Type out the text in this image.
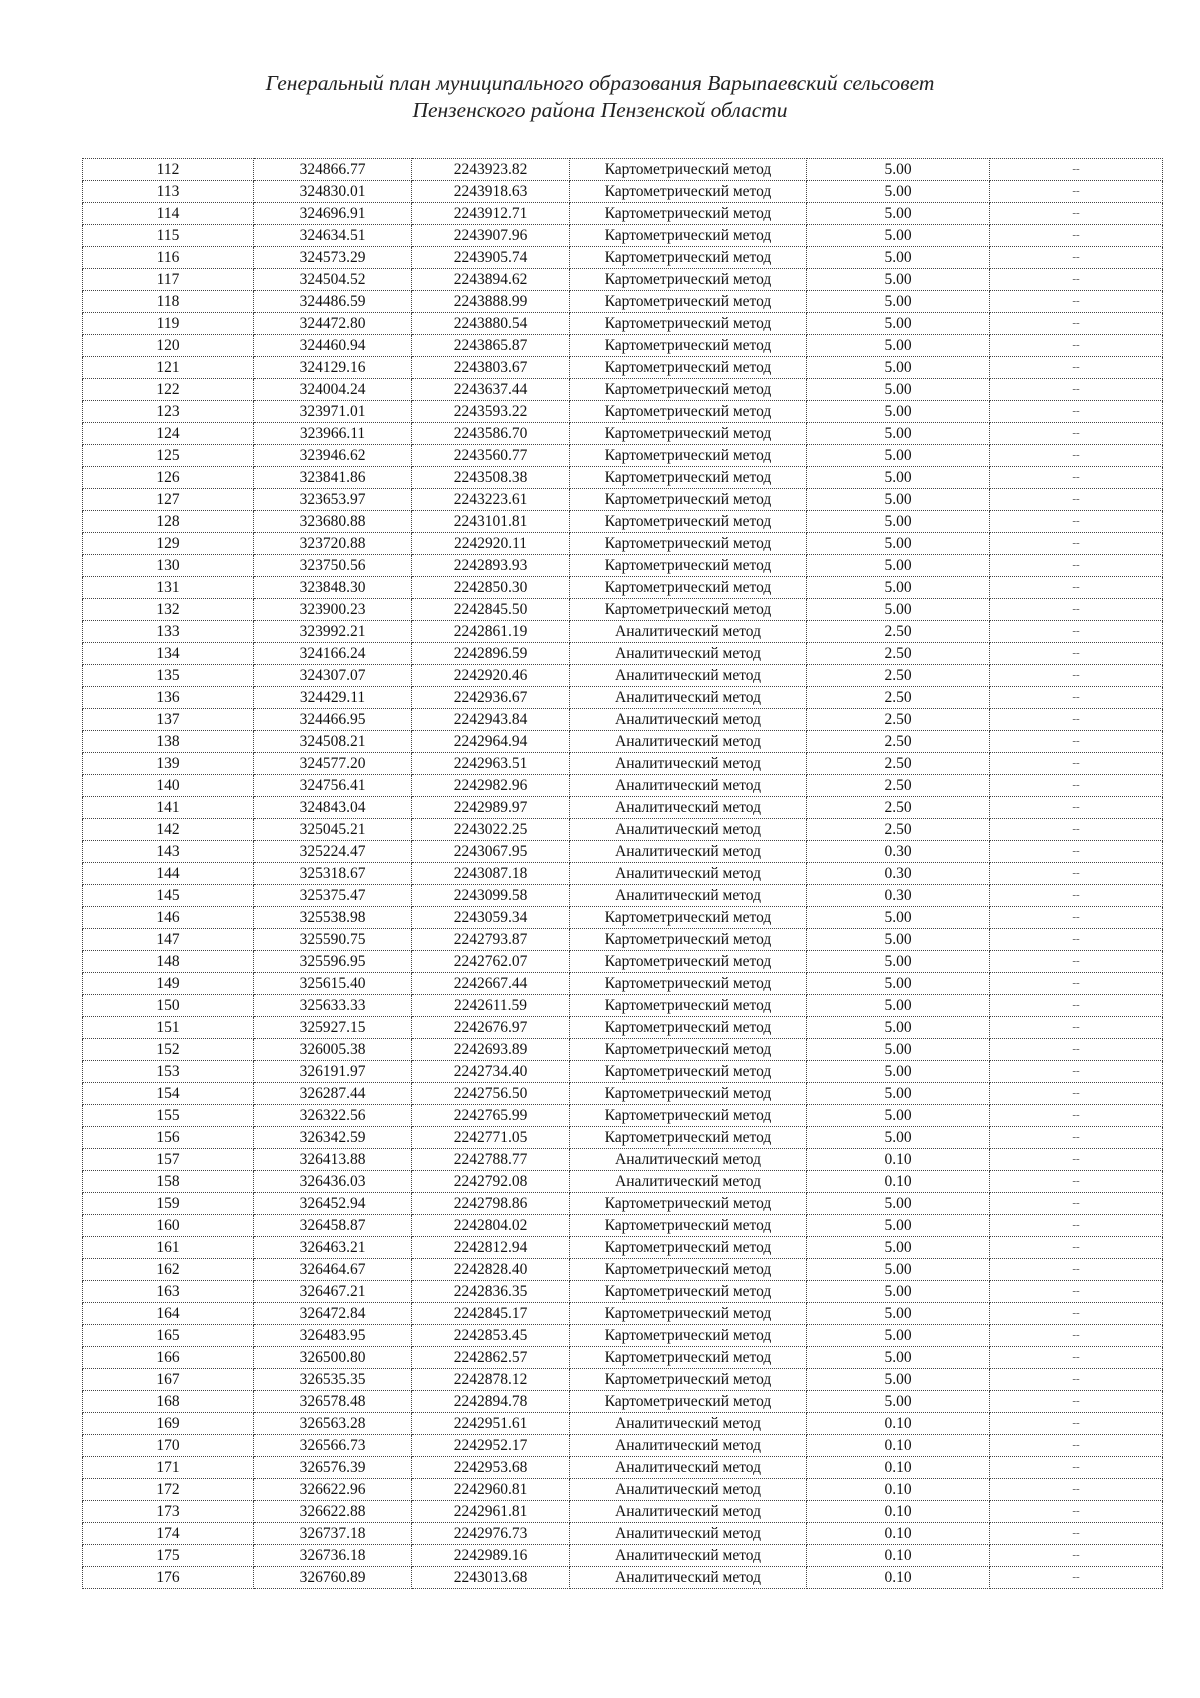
Генеральный план муниципального образования Варыпаевский сельсовет
Пензенского района Пензенской области
112	324866.77	2243923.82	Картометрический метод	5.00	--
113	324830.01	2243918.63	Картометрический метод	5.00	--
114	324696.91	2243912.71	Картометрический метод	5.00	--
115	324634.51	2243907.96	Картометрический метод	5.00	--
116	324573.29	2243905.74	Картометрический метод	5.00	--
117	324504.52	2243894.62	Картометрический метод	5.00	--
118	324486.59	2243888.99	Картометрический метод	5.00	--
119	324472.80	2243880.54	Картометрический метод	5.00	--
120	324460.94	2243865.87	Картометрический метод	5.00	--
121	324129.16	2243803.67	Картометрический метод	5.00	--
122	324004.24	2243637.44	Картометрический метод	5.00	--
123	323971.01	2243593.22	Картометрический метод	5.00	--
124	323966.11	2243586.70	Картометрический метод	5.00	--
125	323946.62	2243560.77	Картометрический метод	5.00	--
126	323841.86	2243508.38	Картометрический метод	5.00	--
127	323653.97	2243223.61	Картометрический метод	5.00	--
128	323680.88	2243101.81	Картометрический метод	5.00	--
129	323720.88	2242920.11	Картометрический метод	5.00	--
130	323750.56	2242893.93	Картометрический метод	5.00	--
131	323848.30	2242850.30	Картометрический метод	5.00	--
132	323900.23	2242845.50	Картометрический метод	5.00	--
133	323992.21	2242861.19	Аналитический метод	2.50	--
134	324166.24	2242896.59	Аналитический метод	2.50	--
135	324307.07	2242920.46	Аналитический метод	2.50	--
136	324429.11	2242936.67	Аналитический метод	2.50	--
137	324466.95	2242943.84	Аналитический метод	2.50	--
138	324508.21	2242964.94	Аналитический метод	2.50	--
139	324577.20	2242963.51	Аналитический метод	2.50	--
140	324756.41	2242982.96	Аналитический метод	2.50	--
141	324843.04	2242989.97	Аналитический метод	2.50	--
142	325045.21	2243022.25	Аналитический метод	2.50	--
143	325224.47	2243067.95	Аналитический метод	0.30	--
144	325318.67	2243087.18	Аналитический метод	0.30	--
145	325375.47	2243099.58	Аналитический метод	0.30	--
146	325538.98	2243059.34	Картометрический метод	5.00	--
147	325590.75	2242793.87	Картометрический метод	5.00	--
148	325596.95	2242762.07	Картометрический метод	5.00	--
149	325615.40	2242667.44	Картометрический метод	5.00	--
150	325633.33	2242611.59	Картометрический метод	5.00	--
151	325927.15	2242676.97	Картометрический метод	5.00	--
152	326005.38	2242693.89	Картометрический метод	5.00	--
153	326191.97	2242734.40	Картометрический метод	5.00	--
154	326287.44	2242756.50	Картометрический метод	5.00	--
155	326322.56	2242765.99	Картометрический метод	5.00	--
156	326342.59	2242771.05	Картометрический метод	5.00	--
157	326413.88	2242788.77	Аналитический метод	0.10	--
158	326436.03	2242792.08	Аналитический метод	0.10	--
159	326452.94	2242798.86	Картометрический метод	5.00	--
160	326458.87	2242804.02	Картометрический метод	5.00	--
161	326463.21	2242812.94	Картометрический метод	5.00	--
162	326464.67	2242828.40	Картометрический метод	5.00	--
163	326467.21	2242836.35	Картометрический метод	5.00	--
164	326472.84	2242845.17	Картометрический метод	5.00	--
165	326483.95	2242853.45	Картометрический метод	5.00	--
166	326500.80	2242862.57	Картометрический метод	5.00	--
167	326535.35	2242878.12	Картометрический метод	5.00	--
168	326578.48	2242894.78	Картометрический метод	5.00	--
169	326563.28	2242951.61	Аналитический метод	0.10	--
170	326566.73	2242952.17	Аналитический метод	0.10	--
171	326576.39	2242953.68	Аналитический метод	0.10	--
172	326622.96	2242960.81	Аналитический метод	0.10	--
173	326622.88	2242961.81	Аналитический метод	0.10	--
174	326737.18	2242976.73	Аналитический метод	0.10	--
175	326736.18	2242989.16	Аналитический метод	0.10	--
176	326760.89	2243013.68	Аналитический метод	0.10	--
